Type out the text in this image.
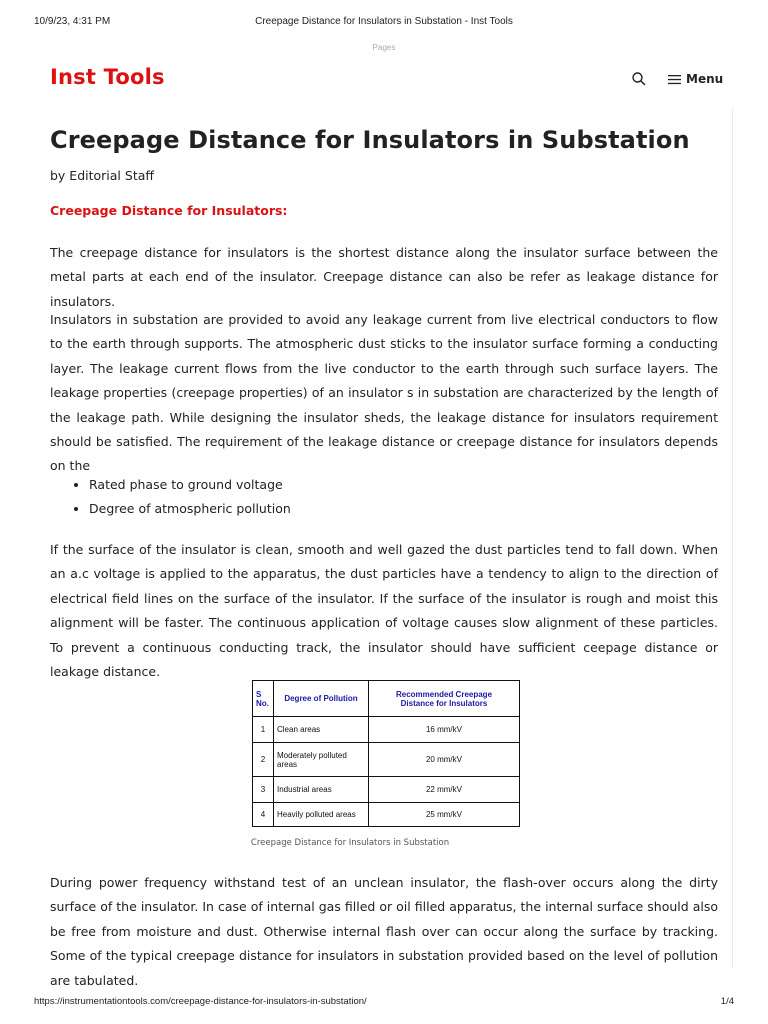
10/9/23, 4:31 PM	Creepage Distance for Insulators in Substation - Inst Tools
Pages
Inst Tools	Menu
Creepage Distance for Insulators in Substation
by Editorial Staff
Creepage Distance for Insulators:

The creepage distance for insulators is the shortest distance along the insulator surface between the metal parts at each end of the insulator. Creepage distance can also be refer as leakage distance for insulators.

Insulators in substation are provided to avoid any leakage current from live electrical conductors to flow to the earth through supports. The atmospheric dust sticks to the insulator surface forming a conducting layer. The leakage current flows from the live conductor to the earth through such surface layers. The leakage properties (creepage properties) of an insulator s in substation are characterized by the length of the leakage path. While designing the insulator sheds, the leakage distance for insulators requirement should be satisfied. The requirement of the leakage distance or creepage distance for insulators depends on the

• Rated phase to ground voltage
• Degree of atmospheric pollution

If the surface of the insulator is clean, smooth and well gazed the dust particles tend to fall down. When an a.c voltage is applied to the apparatus, the dust particles have a tendency to align to the direction of electrical field lines on the surface of the insulator. If the surface of the insulator is rough and moist this alignment will be faster. The continuous application of voltage causes slow alignment of these particles. To prevent a continuous conducting track, the insulator should have sufficient ceepage distance or leakage distance.

S
No.	Degree of Pollution	Recommended Creepage
Distance for Insulators
1	Clean areas	16 mm/kV
2	Moderately polluted
areas	20 mm/kV
3	Industrial areas	22 mm/kV
4	Heavily polluted areas	25 mm/kV
Creepage Distance for Insulators in Substation

During power frequency withstand test of an unclean insulator, the flash-over occurs along the dirty surface of the insulator. In case of internal gas filled or oil filled apparatus, the internal surface should also be free from moisture and dust. Otherwise internal flash over can occur along the surface by tracking. Some of the typical creepage distance for insulators in substation provided based on the level of pollution are tabulated.

https://instrumentationtools.com/creepage-distance-for-insulators-in-substation/	1/4
